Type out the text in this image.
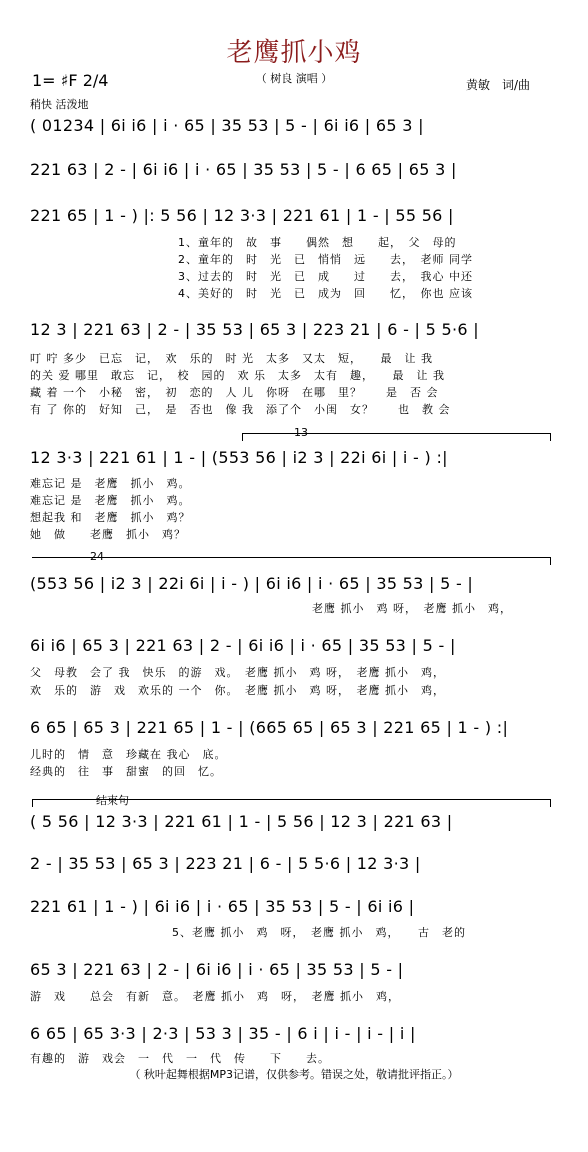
老鹰抓小鸡
（ 树良 演唱 ）
1= ♯F 2/4	黄敏　词/曲
稍快 活泼地
( 01234 | 6i i6 | i · 65 | 35 53 | 5 - | 6i i6 | 65 3 |
221 63 | 2 - | 6i i6 | i · 65 | 35 53 | 5 - | 6 65 | 65 3 |
221 65 | 1 - ) |: 5 56 | 12 3·3 | 221 61 | 1 - | 55 56 |
1、童年的　故　事　　偶然　想　　起，　父　母的
2、童年的　时　光　已　悄悄　远　　去，　老师 同学
3、过去的　时　光　已　成　　过　　去，　我心 中还
4、美好的　时　光　已　成为　回　　忆，　你也 应该
12 3 | 221 63 | 2 - | 35 53 | 65 3 | 223 21 | 6 - | 5 5·6 |
叮 咛 多少　已忘　记，　欢　乐的　时 光　太多　又太　短，　　最　让 我
的关 爱 哪里　敢忘　记，　校　园的　欢 乐　太多　太有　趣，　　最　让 我
藏 着 一个　小秘　密，　初　恋的　人 儿　你呀　在哪　里？　　是　否 会
有 了 你的　好知　己，　是　否也　像 我　添了个　小闺　女？　　也　教 会
13
12 3·3 | 221 61 | 1 - | (553 56 | i2 3 | 22i 6i | i - ) :|
难忘记 是　老鹰　抓小　鸡。
难忘记 是　老鹰　抓小　鸡。
想起我 和　老鹰　抓小　鸡？
她　做　　老鹰　抓小　鸡？
24
(553 56 | i2 3 | 22i 6i | i - ) | 6i i6 | i · 65 | 35 53 | 5 - |
老鹰 抓小　鸡 呀，　老鹰 抓小　鸡，
6i i6 | 65 3 | 221 63 | 2 - | 6i i6 | i · 65 | 35 53 | 5 - |
父　母教　会了 我　快乐　的游　戏。　老鹰 抓小　鸡 呀，　老鹰 抓小　鸡，
欢　乐的　游　戏　欢乐的 一个　你。　老鹰 抓小　鸡 呀，　老鹰 抓小　鸡，
6 65 | 65 3 | 221 65 | 1 - | (665 65 | 65 3 | 221 65 | 1 - ) :|
儿时的　情　意　珍藏在 我心　底。
经典的　往　事　甜蜜　的回　忆。
结束句
( 5 56 | 12 3·3 | 221 61 | 1 - | 5 56 | 12 3 | 221 63 |
2 - | 35 53 | 65 3 | 223 21 | 6 - | 5 5·6 | 12 3·3 |
221 61 | 1 - ) | 6i i6 | i · 65 | 35 53 | 5 - | 6i i6 |
5、老鹰 抓小　鸡　呀，　老鹰 抓小　鸡，　　古　老的
65 3 | 221 63 | 2 - | 6i i6 | i · 65 | 35 53 | 5 - |
游　戏　　总会　有新　意。　老鹰 抓小　鸡　呀，　老鹰 抓小　鸡，
6 65 | 65 3·3 | 2·3 | 53 3 | 35 - | 6 i | i - | i - | i |
有趣的　游　戏会　一　代　一　代　传　　下　　去。
（ 秋叶起舞根据MP3记谱，仅供参考。错误之处，敬请批评指正。）
